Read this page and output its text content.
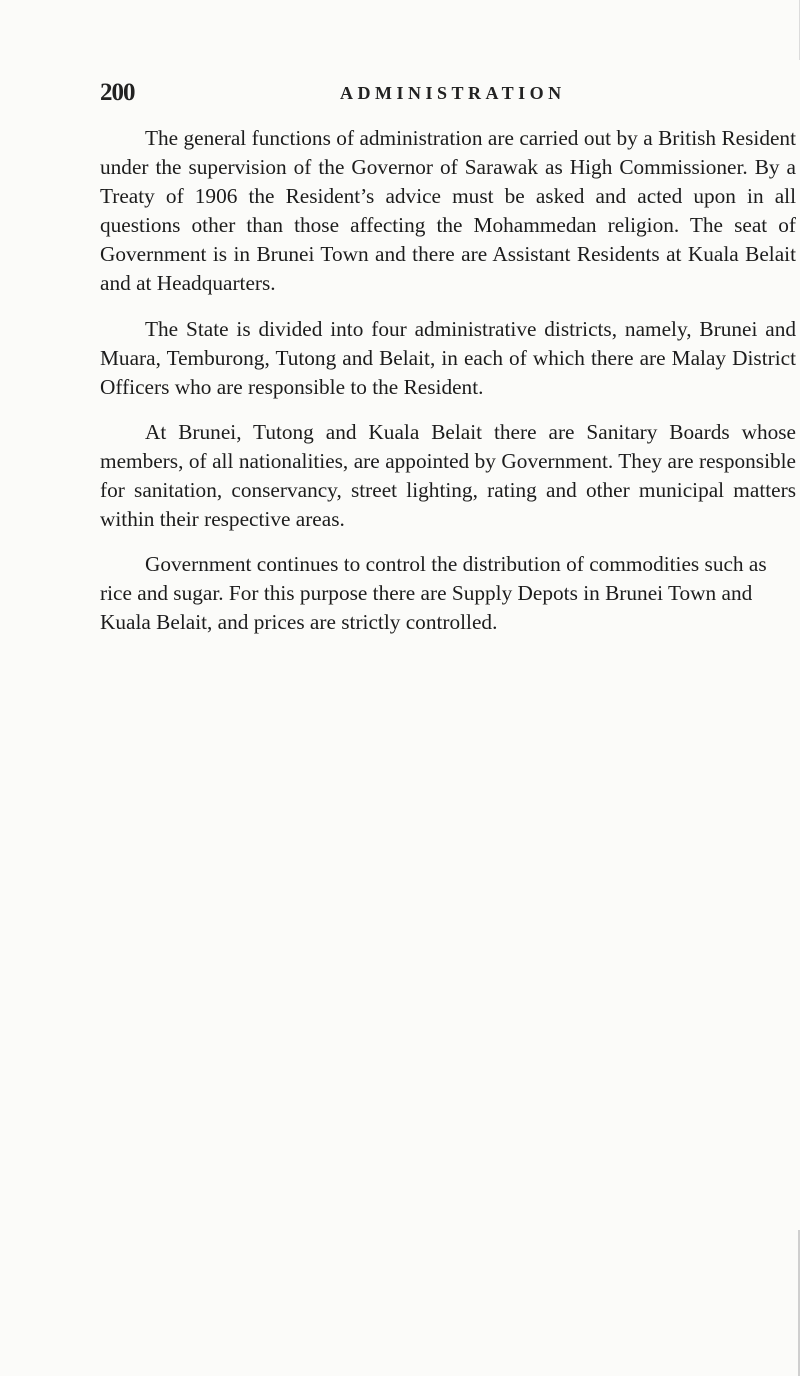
200	ADMINISTRATION

The general functions of administration are carried out by a British Resident under the supervision of the Governor of Sarawak as High Commissioner. By a Treaty of 1906 the Resident’s advice must be asked and acted upon in all questions other than those affecting the Mohammedan religion. The seat of Government is in Brunei Town and there are Assistant Residents at Kuala Belait and at Headquarters.

The State is divided into four administrative districts, namely, Brunei and Muara, Temburong, Tutong and Belait, in each of which there are Malay District Officers who are responsible to the Resident.

At Brunei, Tutong and Kuala Belait there are Sanitary Boards whose members, of all nationalities, are appointed by Government. They are responsible for sanitation, conservancy, street lighting, rating and other municipal matters within their respective areas.

Government continues to control the distribution of commodities such as rice and sugar. For this purpose there are Supply Depots in Brunei Town and Kuala Belait, and prices are strictly controlled.
